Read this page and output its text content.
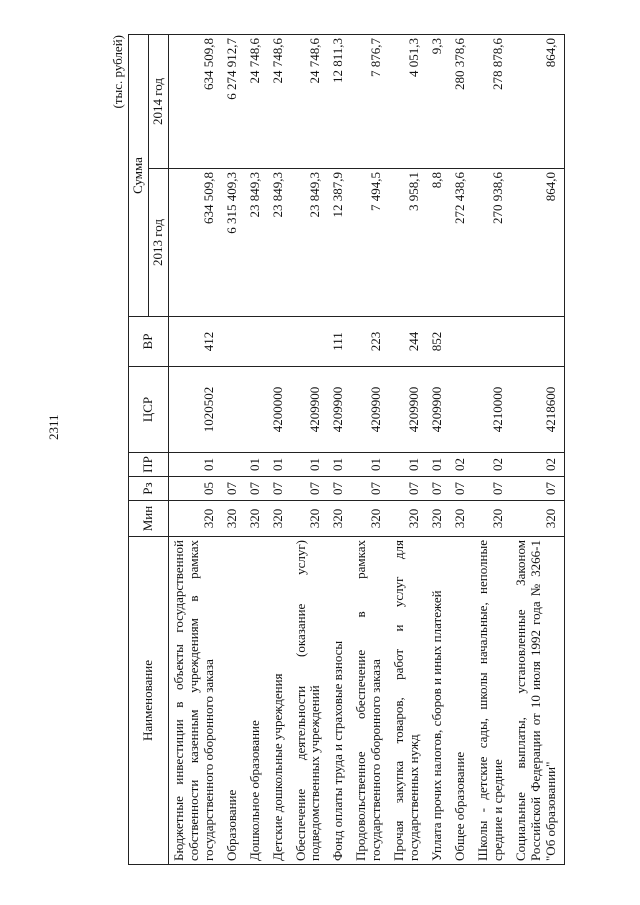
2311
(тыс. рублей)
Наименование	Мин	Рз	ПР	ЦСР	ВР	Сумма	
						2013 год	2014 год
Бюджетные инвестиции в объекты государственной собственности казенным учреждениям в рамках государственного оборонного заказа	320	05	01	1020502	412	634 509,8	634 509,8
Образование	320	07				6 315 409,3	6 274 912,7
Дошкольное образование	320	07	01			23 849,3	24 748,6
Детские дошкольные учреждения	320	07	01	4200000		23 849,3	24 748,6
Обеспечение деятельности (оказание услуг) подведомственных учреждений	320	07	01	4209900		23 849,3	24 748,6
Фонд оплаты труда и страховые взносы	320	07	01	4209900	111	12 387,9	12 811,3
Продовольственное обеспечение в рамках государственного оборонного заказа	320	07	01	4209900	223	7 494,5	7 876,7
Прочая закупка товаров, работ и услуг для государственных нужд	320	07	01	4209900	244	3 958,1	4 051,3
Уплата прочих налогов, сборов и иных платежей	320	07	01	4209900	852	8,8	9,3
Общее образование	320	07	02			272 438,6	280 378,6
Школы - детские сады, школы начальные, неполные средние и средние	320	07	02	4210000		270 938,6	278 878,6
Социальные выплаты, установленные Законом Российской Федерации от 10 июля 1992 года № 3266-1 "Об образовании"	320	07	02	4218600		864,0	864,0
